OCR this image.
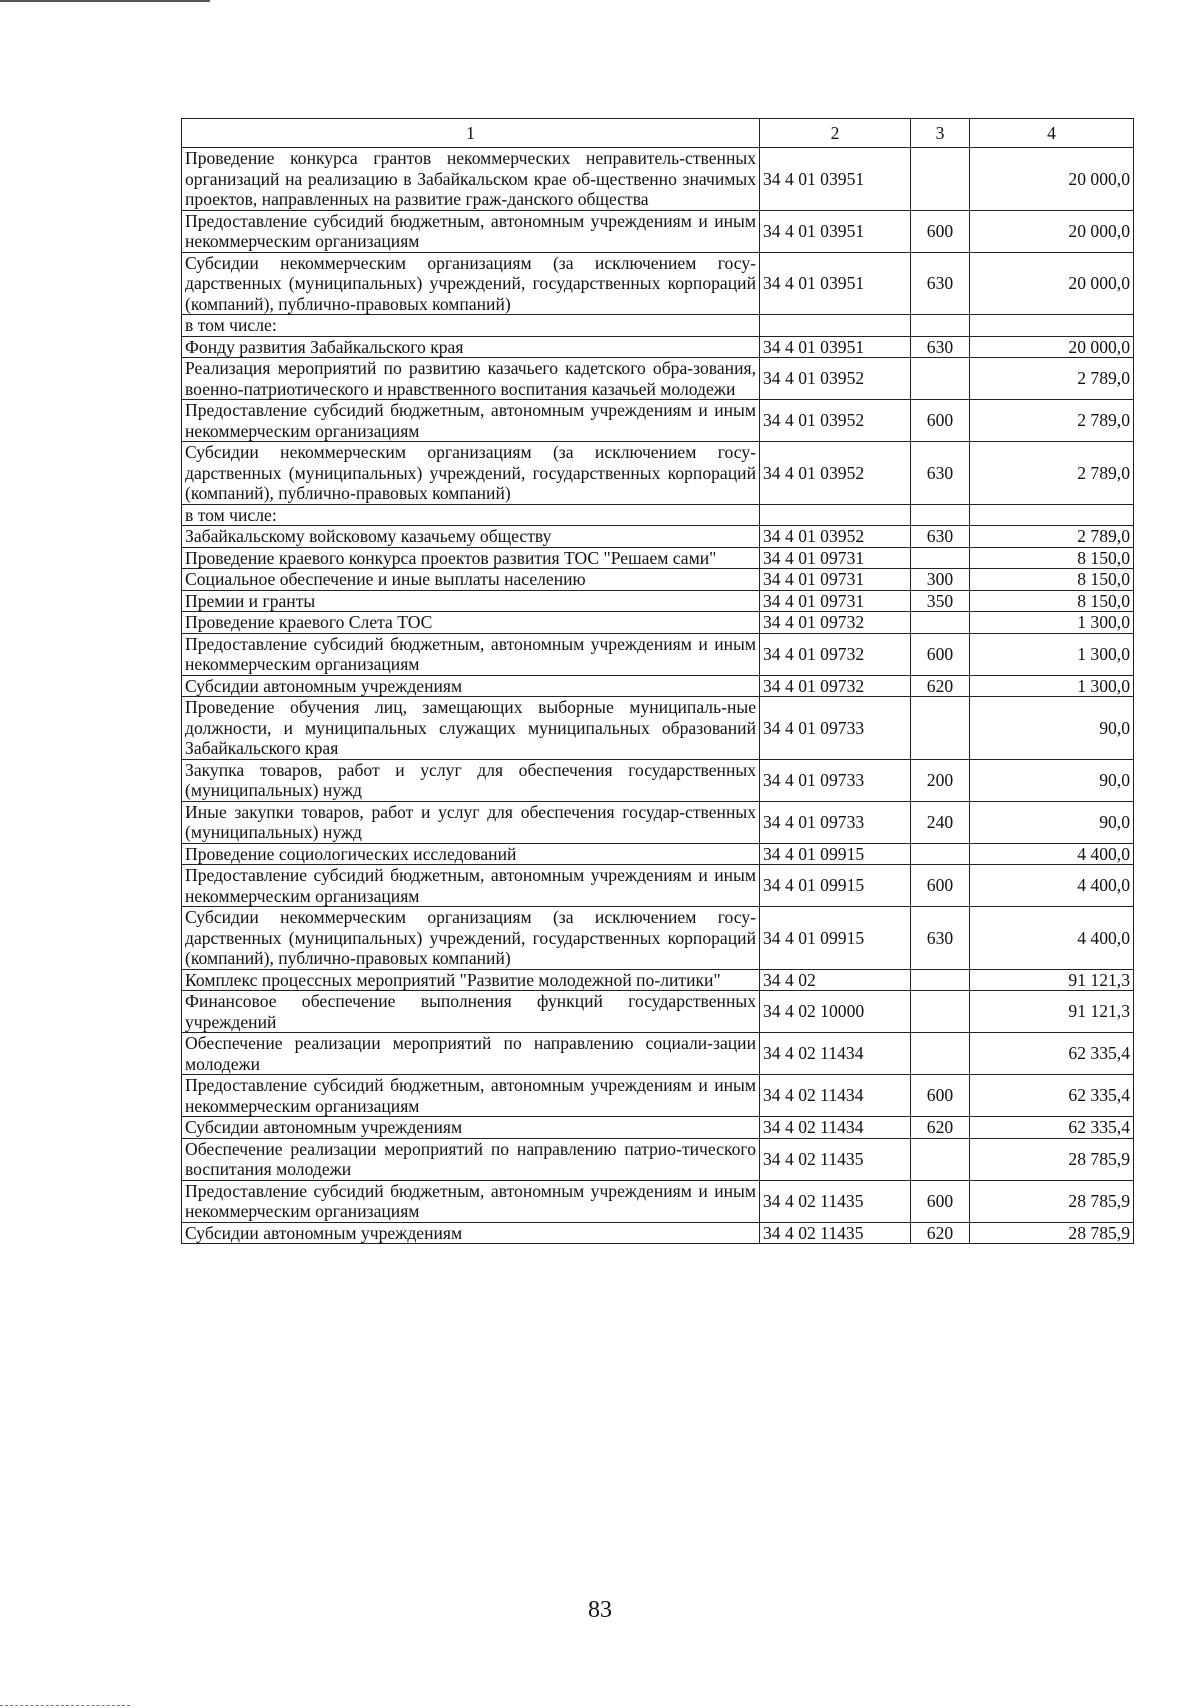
1	2	3	4
Проведение конкурса грантов некоммерческих неправитель-ственных организаций на реализацию в Забайкальском крае об-щественно значимых проектов, направленных на развитие граж-данского общества	34 4 01 03951		20 000,0
Предоставление субсидий бюджетным, автономным учреждениям и иным некоммерческим организациям	34 4 01 03951	600	20 000,0
Субсидии некоммерческим организациям (за исключением госу-дарственных (муниципальных) учреждений, государственных корпораций (компаний), публично-правовых компаний)	34 4 01 03951	630	20 000,0
в том числе:			
Фонду развития Забайкальского края	34 4 01 03951	630	20 000,0
Реализация мероприятий по развитию казачьего кадетского обра-зования, военно-патриотического и нравственного воспитания казачьей молодежи	34 4 01 03952		2 789,0
Предоставление субсидий бюджетным, автономным учреждениям и иным некоммерческим организациям	34 4 01 03952	600	2 789,0
Субсидии некоммерческим организациям (за исключением госу-дарственных (муниципальных) учреждений, государственных корпораций (компаний), публично-правовых компаний)	34 4 01 03952	630	2 789,0
в том числе:			
Забайкальскому войсковому казачьему обществу	34 4 01 03952	630	2 789,0
Проведение краевого конкурса проектов развития ТОС "Решаем сами"	34 4 01 09731		8 150,0
Социальное обеспечение и иные выплаты населению	34 4 01 09731	300	8 150,0
Премии и гранты	34 4 01 09731	350	8 150,0
Проведение краевого Слета ТОС	34 4 01 09732		1 300,0
Предоставление субсидий бюджетным, автономным учреждениям и иным некоммерческим организациям	34 4 01 09732	600	1 300,0
Субсидии автономным учреждениям	34 4 01 09732	620	1 300,0
Проведение обучения лиц, замещающих выборные муниципаль-ные должности, и муниципальных служащих муниципальных образований Забайкальского края	34 4 01 09733		90,0
Закупка товаров, работ и услуг для обеспечения государственных (муниципальных) нужд	34 4 01 09733	200	90,0
Иные закупки товаров, работ и услуг для обеспечения государ-ственных (муниципальных) нужд	34 4 01 09733	240	90,0
Проведение социологических исследований	34 4 01 09915		4 400,0
Предоставление субсидий бюджетным, автономным учреждениям и иным некоммерческим организациям	34 4 01 09915	600	4 400,0
Субсидии некоммерческим организациям (за исключением госу-дарственных (муниципальных) учреждений, государственных корпораций (компаний), публично-правовых компаний)	34 4 01 09915	630	4 400,0
Комплекс процессных мероприятий "Развитие молодежной по-литики"	34 4 02		91 121,3
Финансовое обеспечение выполнения функций государственных учреждений	34 4 02 10000		91 121,3
Обеспечение реализации мероприятий по направлению социали-зации молодежи	34 4 02 11434		62 335,4
Предоставление субсидий бюджетным, автономным учреждениям и иным некоммерческим организациям	34 4 02 11434	600	62 335,4
Субсидии автономным учреждениям	34 4 02 11434	620	62 335,4
Обеспечение реализации мероприятий по направлению патрио-тического воспитания молодежи	34 4 02 11435		28 785,9
Предоставление субсидий бюджетным, автономным учреждениям и иным некоммерческим организациям	34 4 02 11435	600	28 785,9
Субсидии автономным учреждениям	34 4 02 11435	620	28 785,9
83
